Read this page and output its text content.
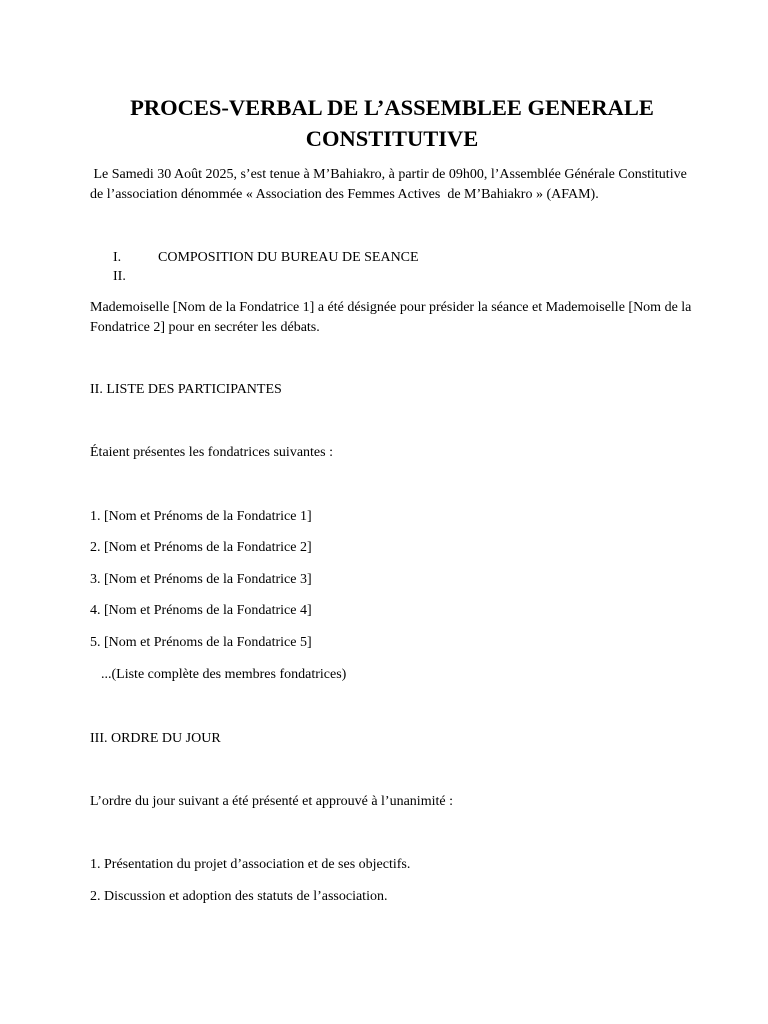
PROCES-VERBAL DE L’ASSEMBLEE GENERALE
CONSTITUTIVE

Le Samedi 30 Août 2025, s’est tenue à M’Bahiakro, à partir de 09h00, l’Assemblée Générale Constitutive de l’association dénommée « Association des Femmes Actives  de M’Bahiakro » (AFAM).

I.	COMPOSITION DU BUREAU DE SEANCE
II.

Mademoiselle [Nom de la Fondatrice 1] a été désignée pour présider la séance et Mademoiselle [Nom de la Fondatrice 2] pour en secréter les débats.

II. LISTE DES PARTICIPANTES
Étaient présentes les fondatrices suivantes :
1. [Nom et Prénoms de la Fondatrice 1]
2. [Nom et Prénoms de la Fondatrice 2]
3. [Nom et Prénoms de la Fondatrice 3]
4. [Nom et Prénoms de la Fondatrice 4]
5. [Nom et Prénoms de la Fondatrice 5]
...(Liste complète des membres fondatrices)
III. ORDRE DU JOUR
L’ordre du jour suivant a été présenté et approuvé à l’unanimité :
1. Présentation du projet d’association et de ses objectifs.
2. Discussion et adoption des statuts de l’association.
